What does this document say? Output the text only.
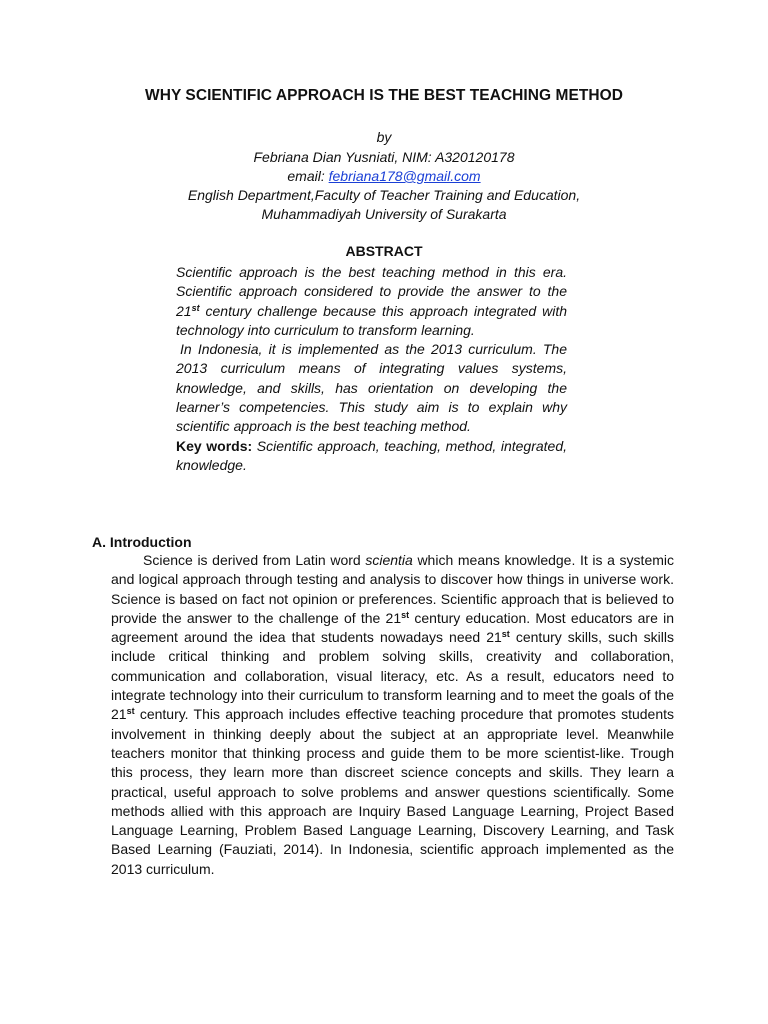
WHY SCIENTIFIC APPROACH IS THE BEST TEACHING METHOD
by
Febriana Dian Yusniati, NIM: A320120178
email: febriana178@gmail.com
English Department,Faculty of Teacher Training and Education,
Muhammadiyah University of Surakarta
ABSTRACT

Scientific approach is the best teaching method in this era. Scientific approach considered to provide the answer to the 21st century challenge because this approach integrated with technology into curriculum to transform learning.

In Indonesia, it is implemented as the 2013 curriculum. The 2013 curriculum means of integrating values systems, knowledge, and skills, has orientation on developing the learner’s competencies. This study aim is to explain why scientific approach is the best teaching method.

Key words: Scientific approach, teaching, method, integrated, knowledge.

A. Introduction

Science is derived from Latin word scientia which means knowledge. It is a systemic and logical approach through testing and analysis to discover how things in universe work. Science is based on fact not opinion or preferences. Scientific approach that is believed to provide the answer to the challenge of the 21st century education. Most educators are in agreement around the idea that students nowadays need 21st century skills, such skills include critical thinking and problem solving skills, creativity and collaboration, communication and collaboration, visual literacy, etc. As a result, educators need to integrate technology into their curriculum to transform learning and to meet the goals of the 21st century. This approach includes effective teaching procedure that promotes students involvement in thinking deeply about the subject at an appropriate level. Meanwhile teachers monitor that thinking process and guide them to be more scientist-like. Trough this process, they learn more than discreet science concepts and skills. They learn a practical, useful approach to solve problems and answer questions scientifically. Some methods allied with this approach are Inquiry Based Language Learning, Project Based Language Learning, Problem Based Language Learning, Discovery Learning, and Task Based Learning (Fauziati, 2014). In Indonesia, scientific approach implemented as the 2013 curriculum.
